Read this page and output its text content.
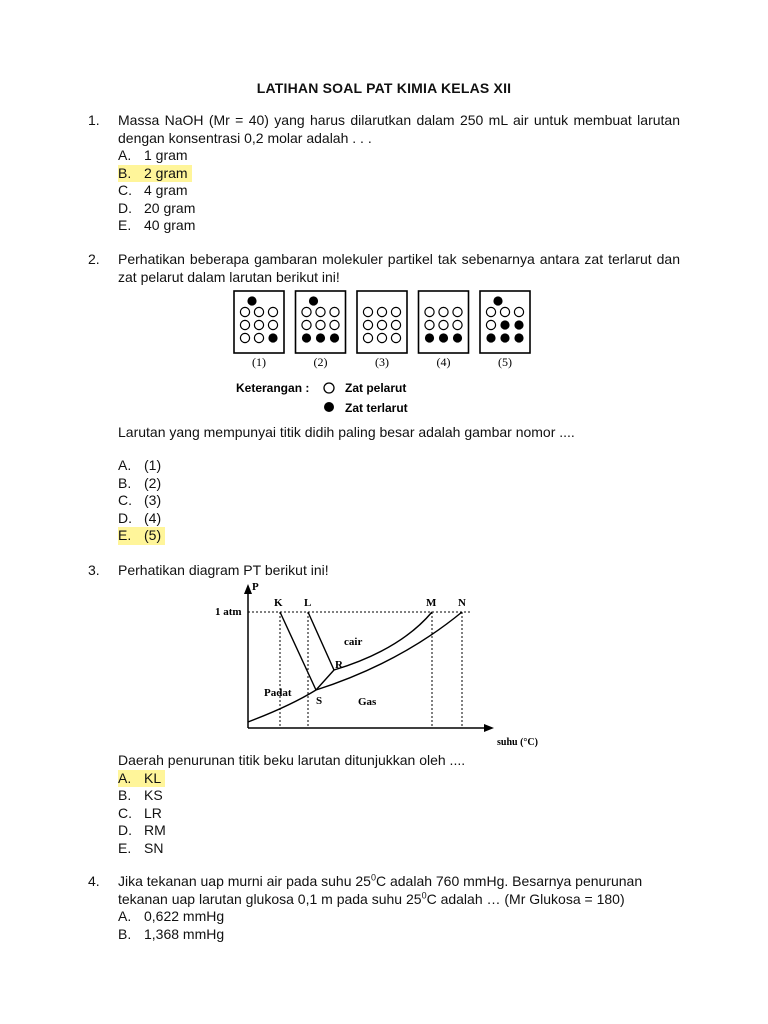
LATIHAN SOAL PAT KIMIA KELAS XII
1. Massa NaOH (Mr = 40) yang harus dilarutkan dalam 250 mL air untuk membuat larutan dengan konsentrasi 0,2 molar adalah . . .
A. 1 gram
B. 2 gram
C. 4 gram
D. 20 gram
E. 40 gram
2. Perhatikan beberapa gambaran molekuler partikel tak sebenarnya antara zat terlarut dan zat pelarut dalam larutan berikut ini!
(1)	(2)	(3)	(4)	(5)
Keterangan :	Zat pelarut
Zat terlarut
Larutan yang mempunyai titik didih paling besar adalah gambar nomor ....
A. (1)
B. (2)
C. (3)
D. (4)
E. (5)
3. Perhatikan diagram PT berikut ini!
P
suhu (°C)
1 atm
K L	M N
R
S
cair
Padat
Gas
Daerah penurunan titik beku larutan ditunjukkan oleh ....
A. KL
B. KS
C. LR
D. RM
E. SN
4. Jika tekanan uap murni air pada suhu $25^0C$ adalah 760 mmHg. Besarnya penurunan tekanan uap larutan glukosa 0,1 m pada suhu $25^0C$ adalah … (Mr Glukosa = 180)
A. 0,622 mmHg
B. 1,368 mmHg
